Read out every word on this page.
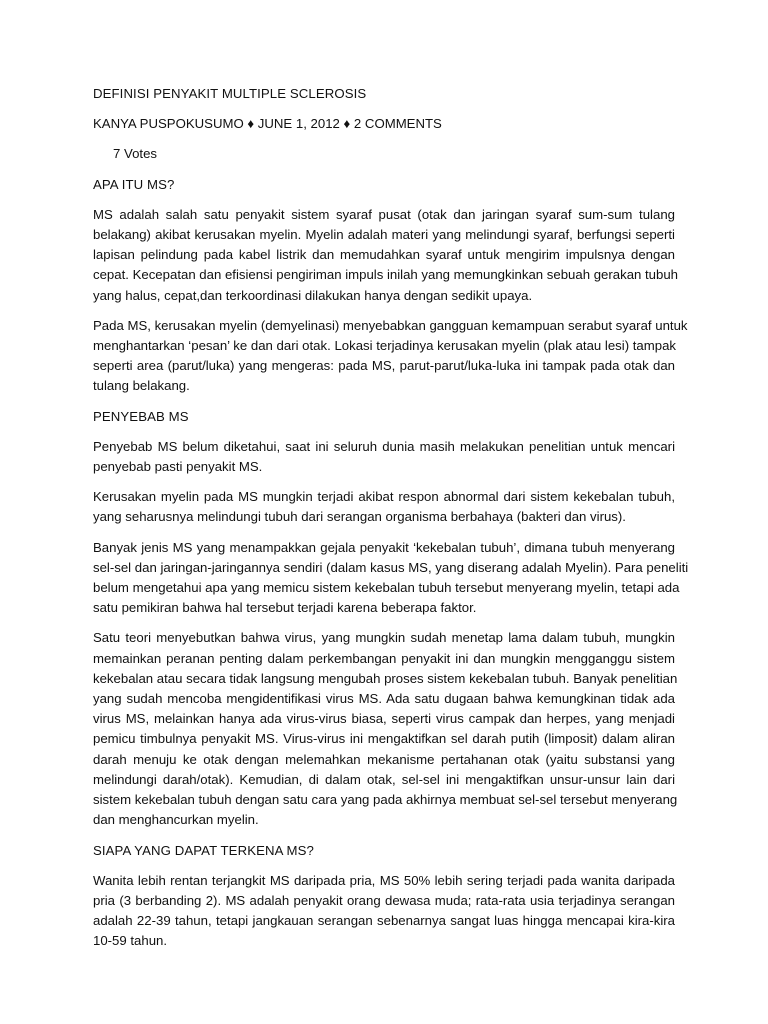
DEFINISI PENYAKIT MULTIPLE SCLEROSIS

KANYA PUSPOKUSUMO ♦ JUNE 1, 2012 ♦ 2 COMMENTS

7 Votes

APA ITU MS?

MS adalah salah satu penyakit sistem syaraf pusat (otak dan jaringan syaraf sum-sum tulang
belakang) akibat kerusakan myelin. Myelin adalah materi yang melindungi syaraf, berfungsi seperti
lapisan pelindung pada kabel listrik dan memudahkan syaraf untuk mengirim impulsnya dengan
cepat. Kecepatan dan efisiensi pengiriman impuls inilah yang memungkinkan sebuah gerakan tubuh
yang halus, cepat,dan terkoordinasi dilakukan hanya dengan sedikit upaya.
Pada MS, kerusakan myelin (demyelinasi) menyebabkan gangguan kemampuan serabut syaraf untuk
menghantarkan ‘pesan’ ke dan dari otak. Lokasi terjadinya kerusakan myelin (plak atau lesi) tampak
seperti area (parut/luka) yang mengeras: pada MS, parut-parut/luka-luka ini tampak pada otak dan
tulang belakang.

PENYEBAB MS

Penyebab MS belum diketahui, saat ini seluruh dunia masih melakukan penelitian untuk mencari
penyebab pasti penyakit MS.
Kerusakan myelin pada MS mungkin terjadi akibat respon abnormal dari sistem kekebalan tubuh,
yang seharusnya melindungi tubuh dari serangan organisma berbahaya (bakteri dan virus).
Banyak jenis MS yang menampakkan gejala penyakit ‘kekebalan tubuh’, dimana tubuh menyerang
sel-sel dan jaringan-jaringannya sendiri (dalam kasus MS, yang diserang adalah Myelin). Para peneliti
belum mengetahui apa yang memicu sistem kekebalan tubuh tersebut menyerang myelin, tetapi ada
satu pemikiran bahwa hal tersebut terjadi karena beberapa faktor.
Satu teori menyebutkan bahwa virus, yang mungkin sudah menetap lama dalam tubuh, mungkin
memainkan peranan penting dalam perkembangan penyakit ini dan mungkin mengganggu sistem
kekebalan atau secara tidak langsung mengubah proses sistem kekebalan tubuh. Banyak penelitian
yang sudah mencoba mengidentifikasi virus MS. Ada satu dugaan bahwa kemungkinan tidak ada
virus MS, melainkan hanya ada virus-virus biasa, seperti virus campak dan herpes, yang menjadi
pemicu timbulnya penyakit MS. Virus-virus ini mengaktifkan sel darah putih (limposit) dalam aliran
darah menuju ke otak dengan melemahkan mekanisme pertahanan otak (yaitu substansi yang
melindungi darah/otak). Kemudian, di dalam otak, sel-sel ini mengaktifkan unsur-unsur lain dari
sistem kekebalan tubuh dengan satu cara yang pada akhirnya membuat sel-sel tersebut menyerang
dan menghancurkan myelin.

SIAPA YANG DAPAT TERKENA MS?

Wanita lebih rentan terjangkit MS daripada pria, MS 50% lebih sering terjadi pada wanita daripada
pria (3 berbanding 2). MS adalah penyakit orang dewasa muda; rata-rata usia terjadinya serangan
adalah 22-39 tahun, tetapi jangkauan serangan sebenarnya sangat luas hingga mencapai kira-kira
10-59 tahun.
